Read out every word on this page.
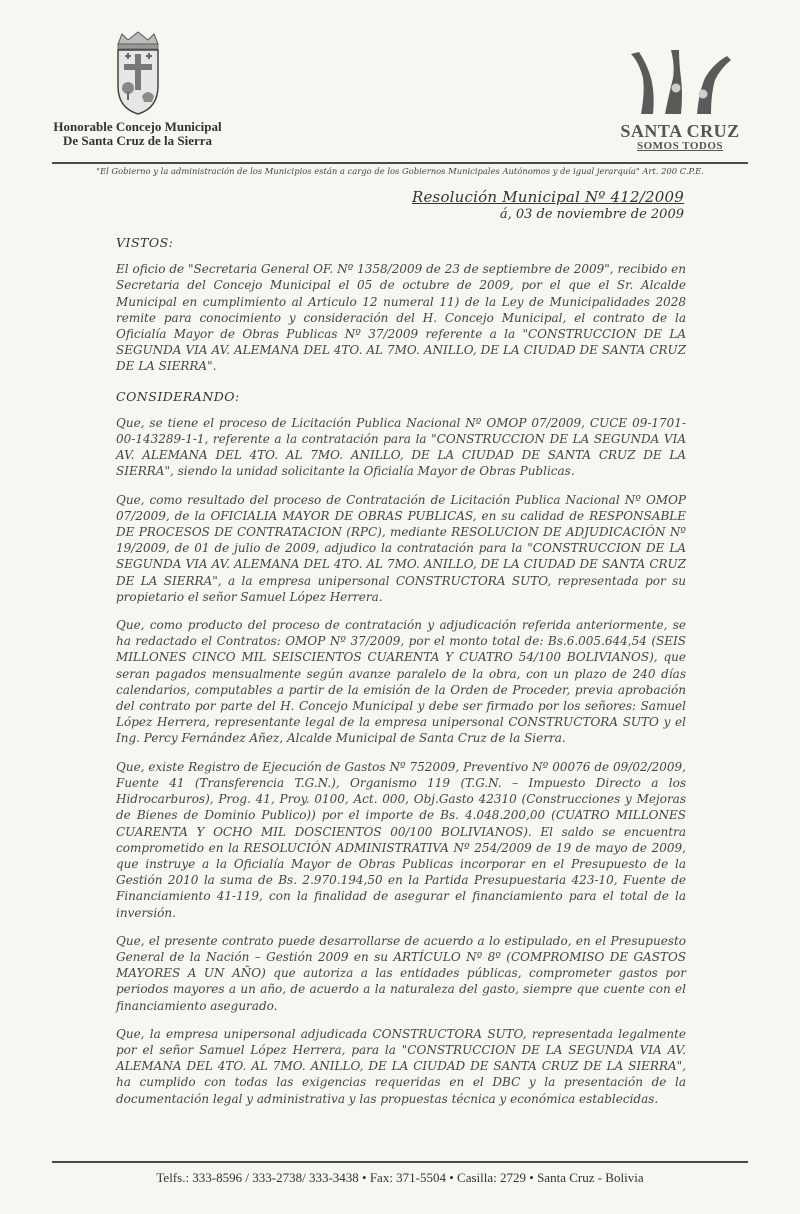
Honorable Concejo Municipal
De Santa Cruz de la Sierra	SANTA CRUZ
SOMOS TODOS
"El Gobierno y la administración de los Municipios están a cargo de los Gobiernos Municipales Autónomos y de igual jerarquía" Art. 200 C.P.E.
Resolución Municipal Nº 412/2009
á, 03 de noviembre de 2009
VISTOS:

El oficio de "Secretaria General OF. Nº 1358/2009 de 23 de septiembre de 2009", recibido en Secretaria del Concejo Municipal el 05 de octubre de 2009, por el que el Sr. Alcalde Municipal en cumplimiento al Articulo 12 numeral 11) de la Ley de Municipalidades 2028 remite para conocimiento y consideración del H. Concejo Municipal, el contrato de la Oficialía Mayor de Obras Publicas Nº 37/2009 referente a la "CONSTRUCCION DE LA SEGUNDA VIA AV. ALEMANA DEL 4TO. AL 7MO. ANILLO, DE LA CIUDAD DE SANTA CRUZ DE LA SIERRA".

CONSIDERANDO:

Que, se tiene el proceso de Licitación Publica Nacional Nº OMOP 07/2009, CUCE 09-1701-00-143289-1-1, referente a la contratación para la "CONSTRUCCION DE LA SEGUNDA VIA AV. ALEMANA DEL 4TO. AL 7MO. ANILLO, DE LA CIUDAD DE SANTA CRUZ DE LA SIERRA", siendo la unidad solicitante la Oficialía Mayor de Obras Publicas.

Que, como resultado del proceso de Contratación de Licitación Publica Nacional Nº OMOP 07/2009, de la OFICIALIA MAYOR DE OBRAS PUBLICAS, en su calidad de RESPONSABLE DE PROCESOS DE CONTRATACION (RPC), mediante RESOLUCION DE ADJUDICACIÓN Nº 19/2009, de 01 de julio de 2009, adjudico la contratación para la "CONSTRUCCION DE LA SEGUNDA VIA AV. ALEMANA DEL 4TO. AL 7MO. ANILLO, DE LA CIUDAD DE SANTA CRUZ DE LA SIERRA", a la empresa unipersonal CONSTRUCTORA SUTO, representada por su propietario el señor Samuel López Herrera.

Que, como producto del proceso de contratación y adjudicación referida anteriormente, se ha redactado el Contratos: OMOP Nº 37/2009, por el monto total de: Bs.6.005.644,54 (SEIS MILLONES CINCO MIL SEISCIENTOS CUARENTA Y CUATRO 54/100 BOLIVIANOS), que seran pagados mensualmente según avanze paralelo de la obra, con un plazo de 240 días calendarios, computables a partir de la emisión de la Orden de Proceder, previa aprobación del contrato por parte del H. Concejo Municipal y debe ser firmado por los señores: Samuel López Herrera, representante legal de la empresa unipersonal CONSTRUCTORA SUTO y el Ing. Percy Fernández Añez, Alcalde Municipal de Santa Cruz de la Sierra.

Que, existe Registro de Ejecución de Gastos Nº 752009, Preventivo Nº 00076 de 09/02/2009, Fuente 41 (Transferencia T.G.N.), Organismo 119 (T.G.N. – Impuesto Directo a los Hidrocarburos), Prog. 41, Proy. 0100, Act. 000, Obj.Gasto 42310 (Construcciones y Mejoras de Bienes de Dominio Publico)) por el importe de Bs. 4.048.200,00 (CUATRO MILLONES CUARENTA Y OCHO MIL DOSCIENTOS 00/100 BOLIVIANOS). El saldo se encuentra comprometido en la RESOLUCIÓN ADMINISTRATIVA Nº 254/2009 de 19 de mayo de 2009, que instruye a la Oficialía Mayor de Obras Publicas incorporar en el Presupuesto de la Gestión 2010 la suma de Bs. 2.970.194,50 en la Partida Presupuestaria 423-10, Fuente de Financiamiento 41-119, con la finalidad de asegurar el financiamiento para el total de la inversión.

Que, el presente contrato puede desarrollarse de acuerdo a lo estipulado, en el Presupuesto General de la Nación – Gestión 2009 en su ARTÍCULO Nº 8º (COMPROMISO DE GASTOS MAYORES A UN AÑO) que autoriza a las entidades públicas, comprometer gastos por periodos mayores a un año, de acuerdo a la naturaleza del gasto, siempre que cuente con el financiamiento asegurado.

Que, la empresa unipersonal adjudicada CONSTRUCTORA SUTO, representada legalmente por el señor Samuel López Herrera, para la "CONSTRUCCION DE LA SEGUNDA VIA AV. ALEMANA DEL 4TO. AL 7MO. ANILLO, DE LA CIUDAD DE SANTA CRUZ DE LA SIERRA", ha cumplido con todas las exigencias requeridas en el DBC y la presentación de la documentación legal y administrativa y las propuestas técnica y económica establecidas.

Telfs.: 333-8596 / 333-2738/ 333-3438 • Fax: 371-5504 • Casilla: 2729 • Santa Cruz - Bolivia
